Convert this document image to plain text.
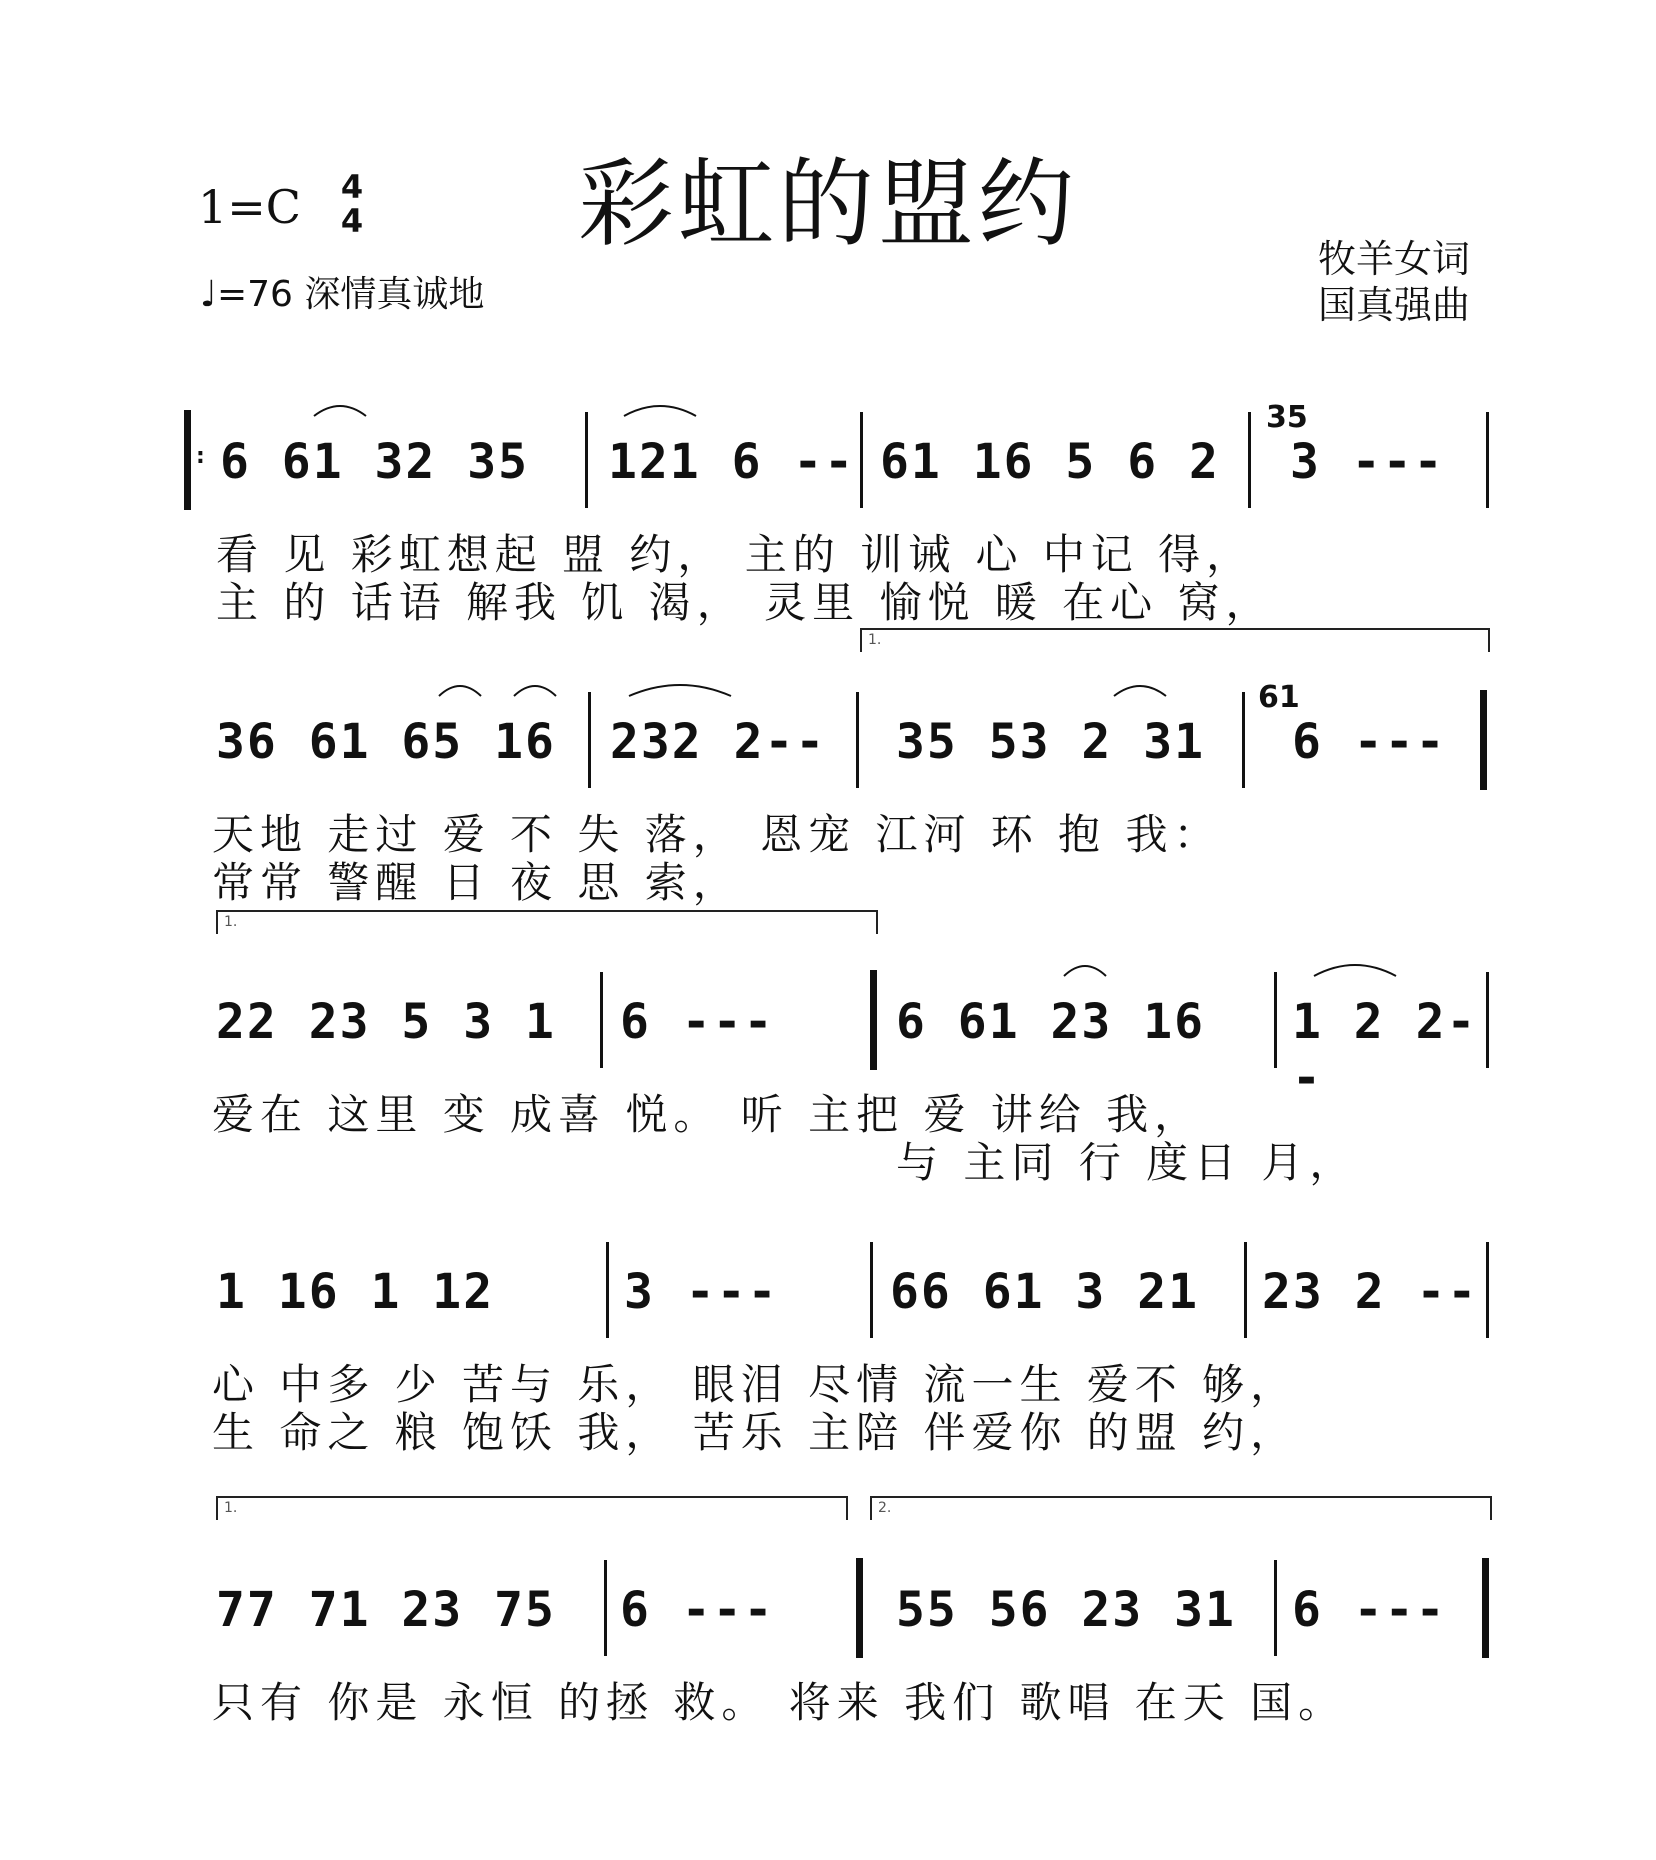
彩虹的盟约
1=C 4
4
♩=76 深情真诚地
牧羊女词
国真强曲
: 6 61 32 35 121 6 -- 61 16 5 6 2
35
3 ---
看 见 彩虹想起 盟 约， 主的 训诫 心 中记 得，
主 的 话语 解我 饥 渴， 灵里 愉悦 暖 在心 窝，
1.
36 61 65 16 232 2-- 35 53 2 31
61
6 ---
天地 走过 爱 不 失 落， 恩宠 江河 环 抱 我：
常常 警醒 日 夜 思 索，
1.
22 23 5 3 1 6 ---	6 61 23 16 1 2 2--
爱在 这里 变 成喜 悦。 听 主把 爱 讲给 我，
与 主同 行 度日 月，
1 16 1 12	3 --- 66 61 3 21 23 2 --
心 中多 少 苦与 乐， 眼泪 尽情 流一生 爱不 够，
生 命之 粮 饱饫 我， 苦乐 主陪 伴爱你 的盟 约，
1.	2.
77 71 23 75 6 ---	55 56 23 31 6 ---
只有 你是 永恒 的拯 救。 将来 我们 歌唱 在天 国。
